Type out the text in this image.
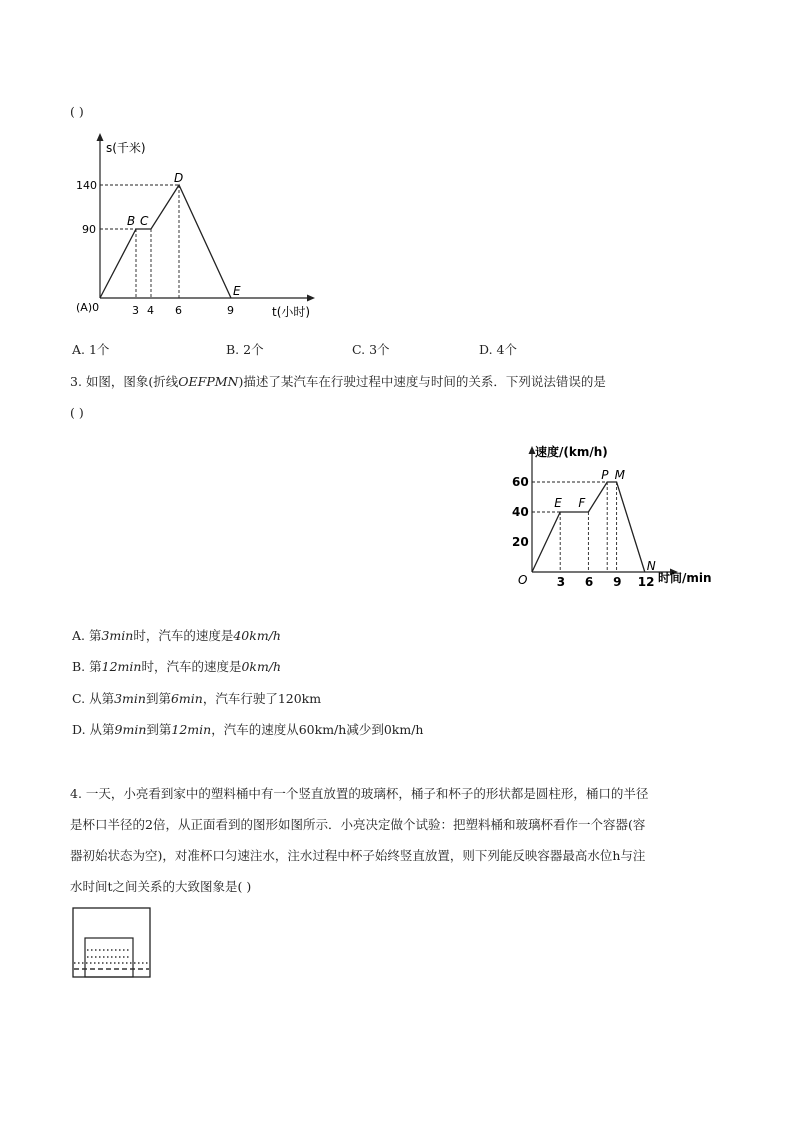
( )
s(千米)
t(小时)
(A)0
140
90
3 4 6	9
B C
D
E
A. 1个	B. 2个	C. 3个	D. 4个
3. 如图，图象(折线OEFPMN)描述了某汽车在行驶过程中速度与时间的关系．下列说法错误的是
( )
速度/(km/h)
时间/min
O
E F
P M
N
3 6 9 12
20
40
60
A. 第3min时，汽车的速度是40km/h
B. 第12min时，汽车的速度是0km/h
C. 从第3min到第6min，汽车行驶了120km
D. 从第9min到第12min，汽车的速度从60km/h减少到0km/h
4. 一天，小亮看到家中的塑料桶中有一个竖直放置的玻璃杯，桶子和杯子的形状都是圆柱形，桶口的半径
是杯口半径的2倍，从正面看到的图形如图所示．小亮决定做个试验：把塑料桶和玻璃杯看作一个容器(容
器初始状态为空)，对准杯口匀速注水，注水过程中杯子始终竖直放置，则下列能反映容器最高水位h与注
水时间t之间关系的大致图象是( )
